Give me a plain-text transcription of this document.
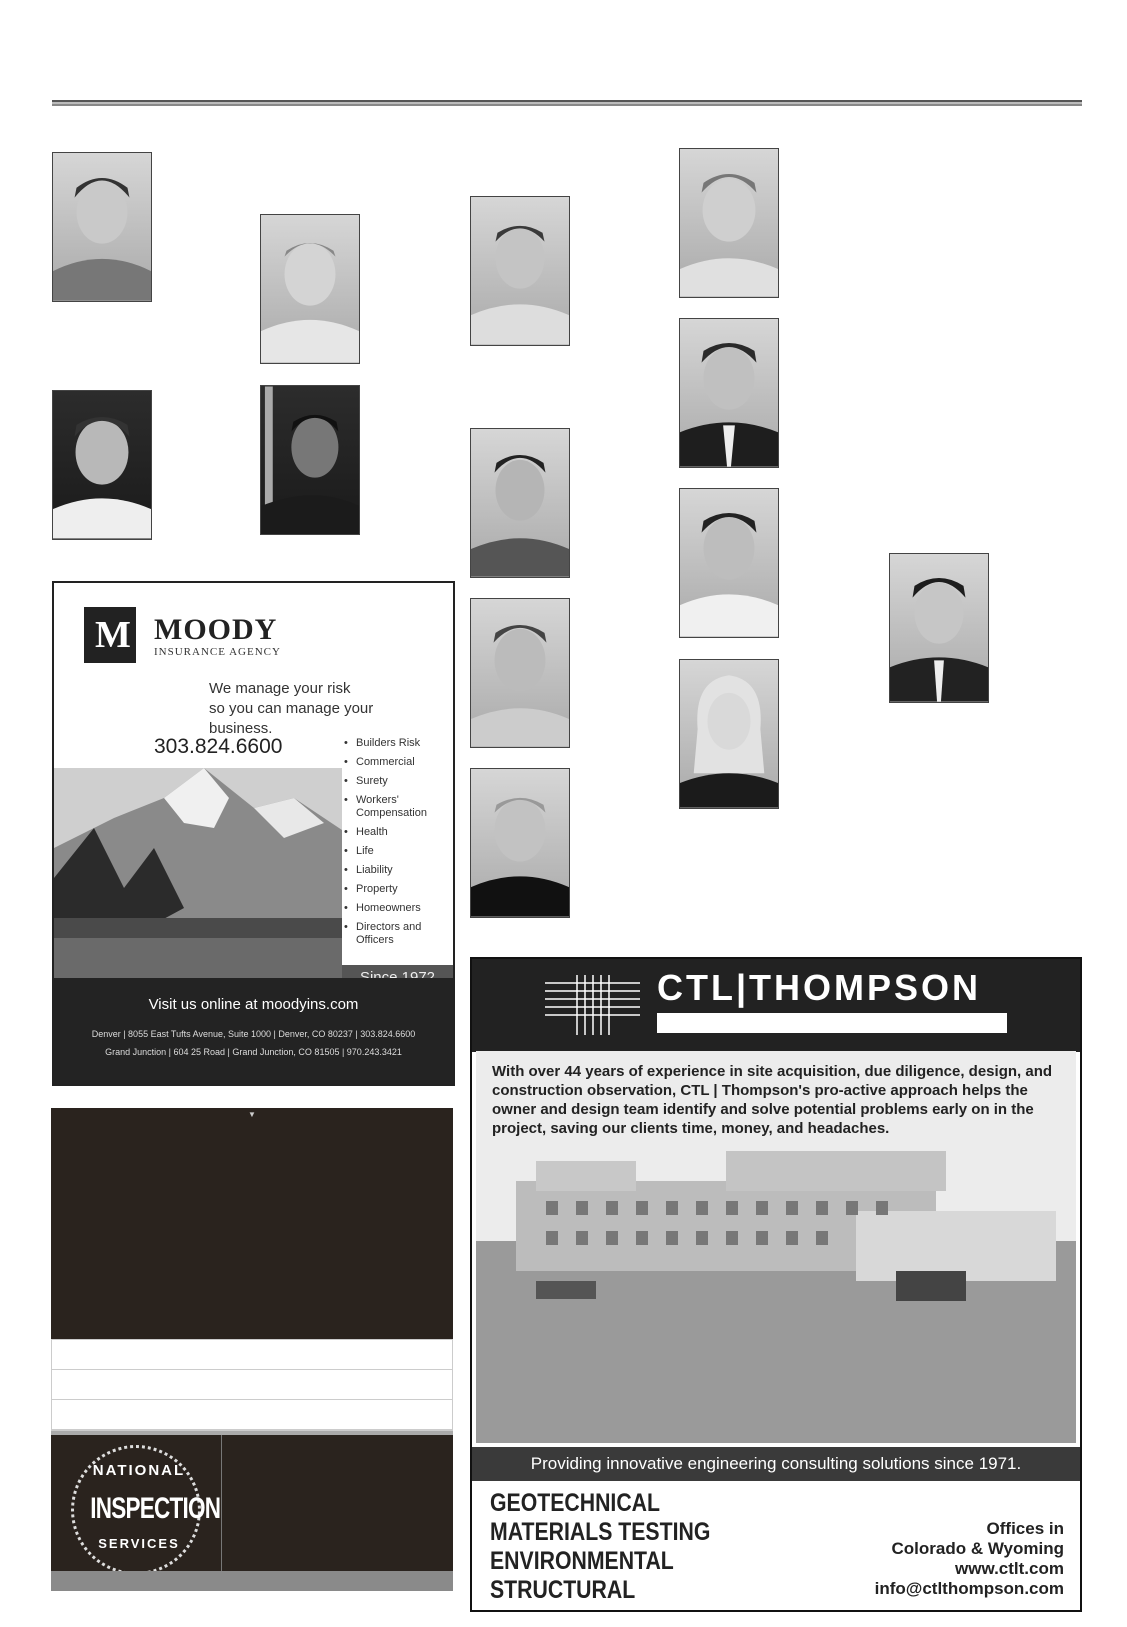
M MOODY
INSURANCE AGENCY
We manage your risk
so you can manage your business.
303.824.6600
•	Builders Risk
• Commercial
• Surety
• Workers' Compensation
• Health
• Life
• Liability
• Property
• Homeowners
• Directors and Officers
Visit us online at moodyins.com
Denver | 8055 East Tufts Avenue, Suite 1000 | Denver, CO 80237 | 303.824.6600
Grand Junction | 604 25 Road | Grand Junction, CO 81505 | 970.243.3421
▼
NATIONAL
INSPECTION
SERVICES
CTL|THOMPSON
With over 44 years of experience in site acquisition, due diligence, design, and construction observation, CTL | Thompson's pro-active approach helps the owner and design team identify and solve potential problems early on in the project, saving our clients time, money, and headaches.
Providing innovative engineering consulting solutions since 1971.
GEOTECHNICAL
MATERIALS TESTING
ENVIRONMENTAL
STRUCTURAL
Offices in
Colorado & Wyoming
www.ctlt.com
info@ctlthompson.com
